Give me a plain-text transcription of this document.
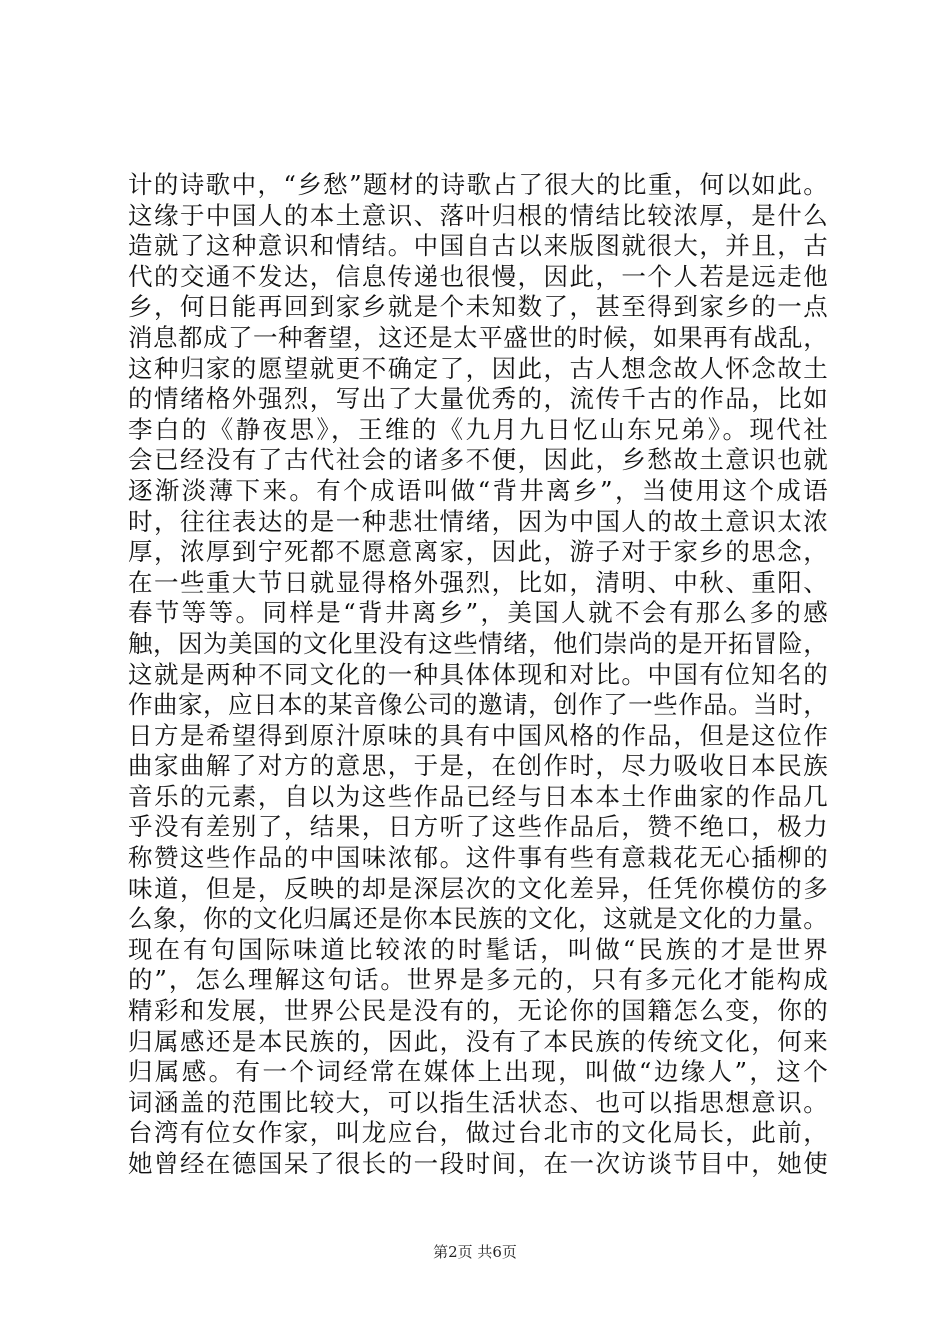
计的诗歌中，“乡愁”题材的诗歌占了很大的比重，何以如此。
这缘于中国人的本土意识、落叶归根的情结比较浓厚，是什么
造就了这种意识和情结。中国自古以来版图就很大，并且，古
代的交通不发达，信息传递也很慢，因此，一个人若是远走他
乡，何日能再回到家乡就是个未知数了，甚至得到家乡的一点
消息都成了一种奢望，这还是太平盛世的时候，如果再有战乱，
这种归家的愿望就更不确定了，因此，古人想念故人怀念故土
的情绪格外强烈，写出了大量优秀的，流传千古的作品，比如
李白的《静夜思》，王维的《九月九日忆山东兄弟》。现代社
会已经没有了古代社会的诸多不便，因此，乡愁故土意识也就
逐渐淡薄下来。有个成语叫做“背井离乡”，当使用这个成语
时，往往表达的是一种悲壮情绪，因为中国人的故土意识太浓
厚，浓厚到宁死都不愿意离家，因此，游子对于家乡的思念，
在一些重大节日就显得格外强烈，比如，清明、中秋、重阳、
春节等等。同样是“背井离乡”，美国人就不会有那么多的感
触，因为美国的文化里没有这些情绪，他们崇尚的是开拓冒险，
这就是两种不同文化的一种具体体现和对比。中国有位知名的
作曲家，应日本的某音像公司的邀请，创作了一些作品。当时，
日方是希望得到原汁原味的具有中国风格的作品，但是这位作
曲家曲解了对方的意思，于是，在创作时，尽力吸收日本民族
音乐的元素，自以为这些作品已经与日本本土作曲家的作品几
乎没有差别了，结果，日方听了这些作品后，赞不绝口，极力
称赞这些作品的中国味浓郁。这件事有些有意栽花无心插柳的
味道，但是，反映的却是深层次的文化差异，任凭你模仿的多
么象，你的文化归属还是你本民族的文化，这就是文化的力量。
现在有句国际味道比较浓的时髦话，叫做“民族的才是世界
的”，怎么理解这句话。世界是多元的，只有多元化才能构成
精彩和发展，世界公民是没有的，无论你的国籍怎么变，你的
归属感还是本民族的，因此，没有了本民族的传统文化，何来
归属感。有一个词经常在媒体上出现，叫做“边缘人”，这个
词涵盖的范围比较大，可以指生活状态、也可以指思想意识。
台湾有位女作家，叫龙应台，做过台北市的文化局长，此前，
她曾经在德国呆了很长的一段时间，在一次访谈节目中，她使
第2页 共6页
